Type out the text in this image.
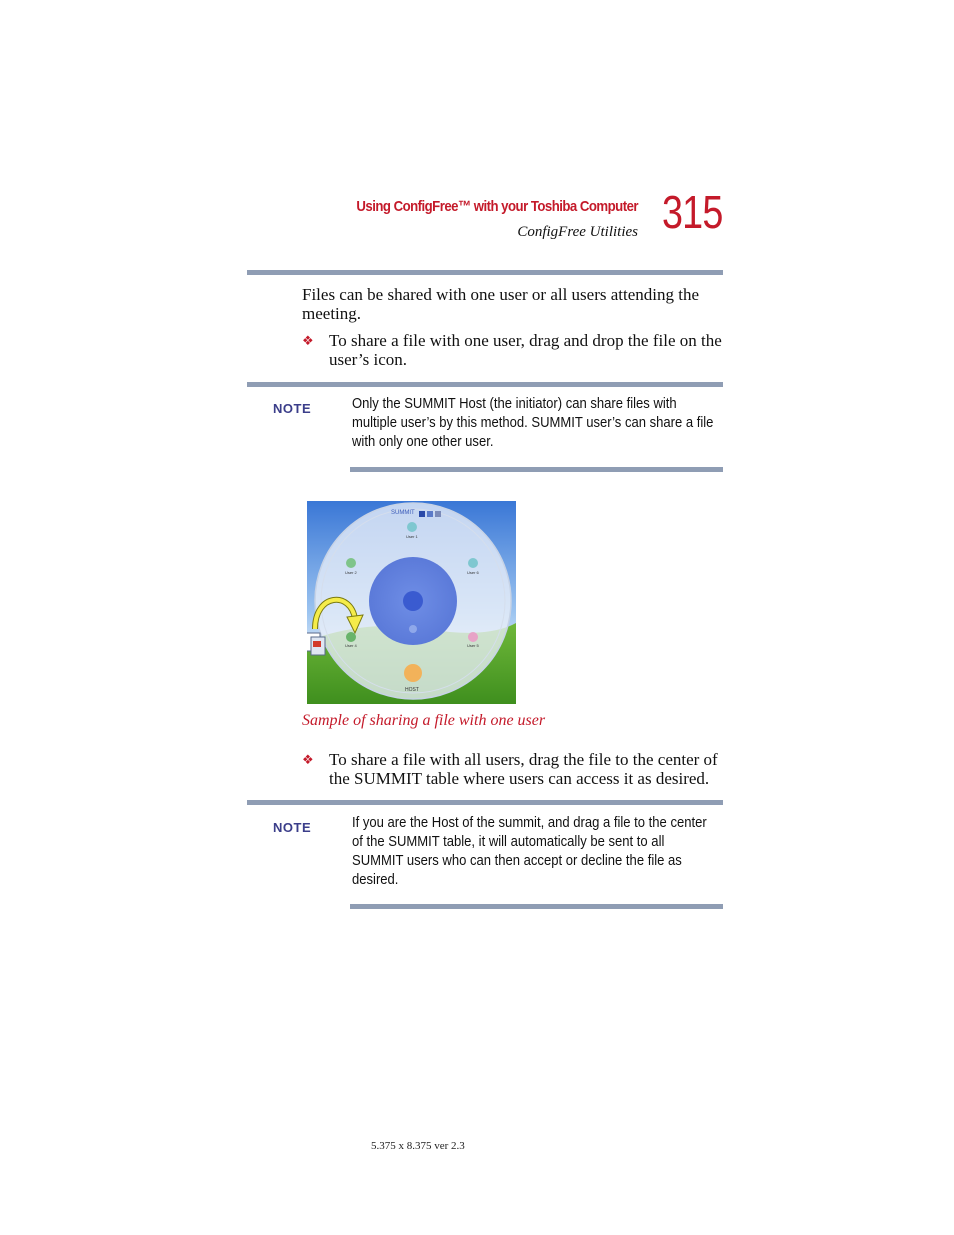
Using ConfigFree™ with your Toshiba Computer
ConfigFree Utilities 315
Files can be shared with one user or all users attending the meeting.
❖ To share a file with one user, drag and drop the file on the user’s icon.
NOTE	Only the SUMMIT Host (the initiator) can share files with multiple user’s by this method. SUMMIT user’s can share a file with only one other user.
SUMMIT
User 1
User 2	User 6
User 4	User 5
HOST
Sample of sharing a file with one user
❖ To share a file with all users, drag the file to the center of the SUMMIT table where users can access it as desired.
NOTE	If you are the Host of the summit, and drag a file to the center of the SUMMIT table, it will automatically be sent to all SUMMIT users who can then accept or decline the file as desired.
5.375 x 8.375 ver 2.3
